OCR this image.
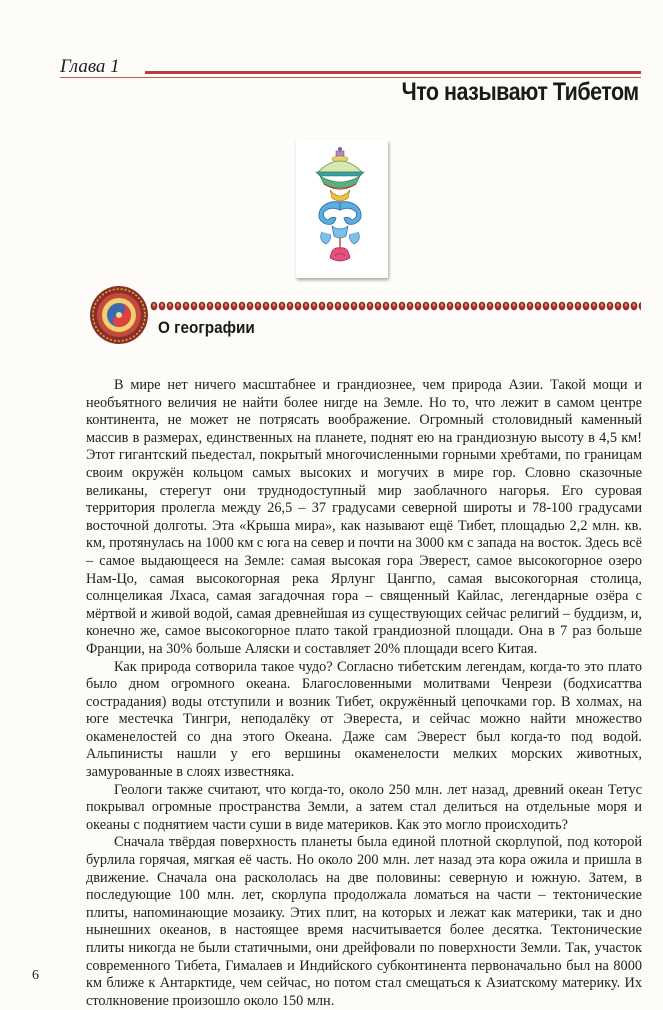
Глава 1
Что называют Тибетом
О географии

В мире нет ничего масштабнее и грандиознее, чем природа Азии. Такой мощи и необъятного величия не найти более нигде на Земле. Но то, что лежит в самом центре континента, не может не потрясать воображение. Огромный столовидный каменный массив в размерах, единственных на планете, поднят ею на грандиозную высоту в 4,5 км! Этот гигантский пьедестал, покрытый многочисленными горными хребтами, по границам своим окружён кольцом самых высоких и могучих в мире гор. Словно сказочные великаны, стерегут они труднодоступный мир заоблачного нагорья. Его суровая территория пролегла между 26,5 – 37 градусами северной широты и 78-100 градусами восточной долготы. Эта «Крыша мира», как называют ещё Тибет, площадью 2,2 млн. кв. км, протянулась на 1000 км с юга на север и почти на 3000 км с запада на восток. Здесь всё – самое выдающееся на Земле: самая высокая гора Эверест, самое высокогорное озеро Нам-Цо, самая высокогорная река Ярлунг Цангпо, самая высокогорная столица, солнцеликая Лхаса, самая загадочная гора – священный Кайлас, легендарные озёра с мёртвой и живой водой, самая древнейшая из существующих сейчас религий – буддизм, и, конечно же, самое высокогорное плато такой грандиозной площади. Она в 7 раз больше Франции, на 30% больше Аляски и составляет 20% площади всего Китая.

Как природа сотворила такое чудо? Согласно тибетским легендам, когда-то это плато было дном огромного океана. Благословенными молитвами Ченрези (бодхисаттва сострадания) воды отступили и возник Тибет, окружённый цепочками гор. В холмах, на юге местечка Тингри, неподалёку от Эвереста, и сейчас можно найти множество окаменелостей со дна этого Океана. Даже сам Эверест был когда-то под водой. Альпинисты нашли у его вершины окаменелости мелких морских животных, замурованные в слоях известняка.

Геологи также считают, что когда-то, около 250 млн. лет назад, древний океан Тетус покрывал огромные пространства Земли, а затем стал делиться на отдельные моря и океаны с поднятием части суши в виде материков. Как это могло происходить?

Сначала твёрдая поверхность планеты была единой плотной скорлупой, под которой бурлила горячая, мягкая её часть. Но около 200 млн. лет назад эта кора ожила и пришла в движение. Сначала она раскололась на две половины: северную и южную. Затем, в последующие 100 млн. лет, скорлупа продолжала ломаться на части – тектонические плиты, напоминающие мозаику. Этих плит, на которых и лежат как материки, так и дно нынешних океанов, в настоящее время насчитывается более десятка. Тектонические плиты никогда не были статичными, они дрейфовали по поверхности Земли. Так, участок современного Тибета, Гималаев и Индийского субконтинента первоначально был на 8000 км ближе к Антарктиде, чем сейчас, но потом стал смещаться к Азиатскому материку. Их столкновение произошло около 150 млн.

6
